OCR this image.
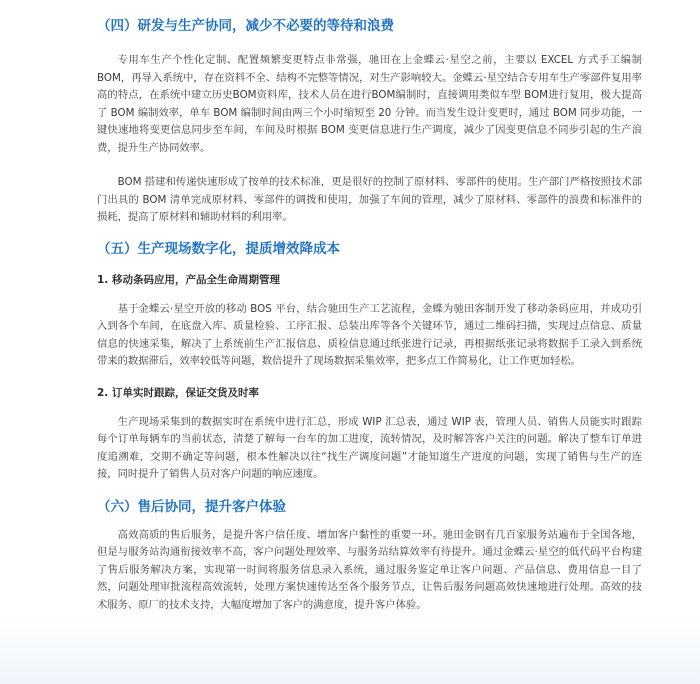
（四）研发与生产协同，减少不必要的等待和浪费

专用车生产个性化定制、配置频繁变更特点非常强，驰田在上金蝶云·星空之前，主要以 EXCEL 方式手工编制 BOM，再导入系统中，存在资料不全、结构不完整等情况，对生产影响较大。金蝶云·星空结合专用车生产零部件复用率高的特点，在系统中建立历史BOM资料库，技术人员在进行BOM编制时，直接调用类似车型 BOM进行复用，极大提高了 BOM 编制效率，单车 BOM 编制时间由两三个小时缩短至 20 分钟。而当发生设计变更时，通过 BOM 同步功能，一键快速地将变更信息同步至车间，车间及时根据 BOM 变更信息进行生产调度，减少了因变更信息不同步引起的生产浪费，提升生产协同效率。

BOM 搭建和传递快速形成了按单的技术标准，更是很好的控制了原材料、零部件的使用。生产部门严格按照技术部门出具的 BOM 清单完成原材料、零部件的调拨和使用，加强了车间的管理，减少了原材料、零部件的浪费和标准件的损耗，提高了原材料和辅助材料的利用率。

（五）生产现场数字化，提质增效降成本

1. 移动条码应用，产品全生命周期管理

基于金蝶云·星空开放的移动 BOS 平台，结合驰田生产工艺流程，金蝶为驰田客制开发了移动条码应用，并成功引入到各个车间，在底盘入库、质量检验、工序汇报、总装出库等各个关键环节，通过二维码扫描，实现过点信息、质量信息的快速采集，解决了上系统前生产汇报信息、质检信息通过纸张进行记录，再根据纸张记录将数据手工录入到系统带来的数据滞后，效率较低等问题，数倍提升了现场数据采集效率，把多点工作简易化，让工作更加轻松。

2. 订单实时跟踪，保证交货及时率

生产现场采集到的数据实时在系统中进行汇总，形成 WIP 汇总表，通过 WIP 表，管理人员、销售人员能实时跟踪每个订单每辆车的当前状态，清楚了解每一台车的加工进度，流转情况，及时解答客户关注的问题。解决了整车订单进度追溯难，交期不确定等问题，根本性解决以往“找生产调度问题”才能知道生产进度的问题，实现了销售与生产的连接，同时提升了销售人员对客户问题的响应速度。

（六）售后协同，提升客户体验

高效高质的售后服务，是提升客户信任度、增加客户黏性的重要一环。驰田金钢有几百家服务站遍布于全国各地，但是与服务站沟通衔接效率不高，客户问题处理效率、与服务站结算效率有待提升。通过金蝶云·星空的低代码平台构建了售后服务解决方案，实现第一时间将服务信息录入系统，通过服务鉴定单让客户问题、产品信息、费用信息一目了然，问题处理审批流程高效流转，处理方案快速传达至各个服务节点，让售后服务问题高效快速地进行处理。高效的技术服务、原厂的技术支持，大幅度增加了客户的满意度，提升客户体验。
